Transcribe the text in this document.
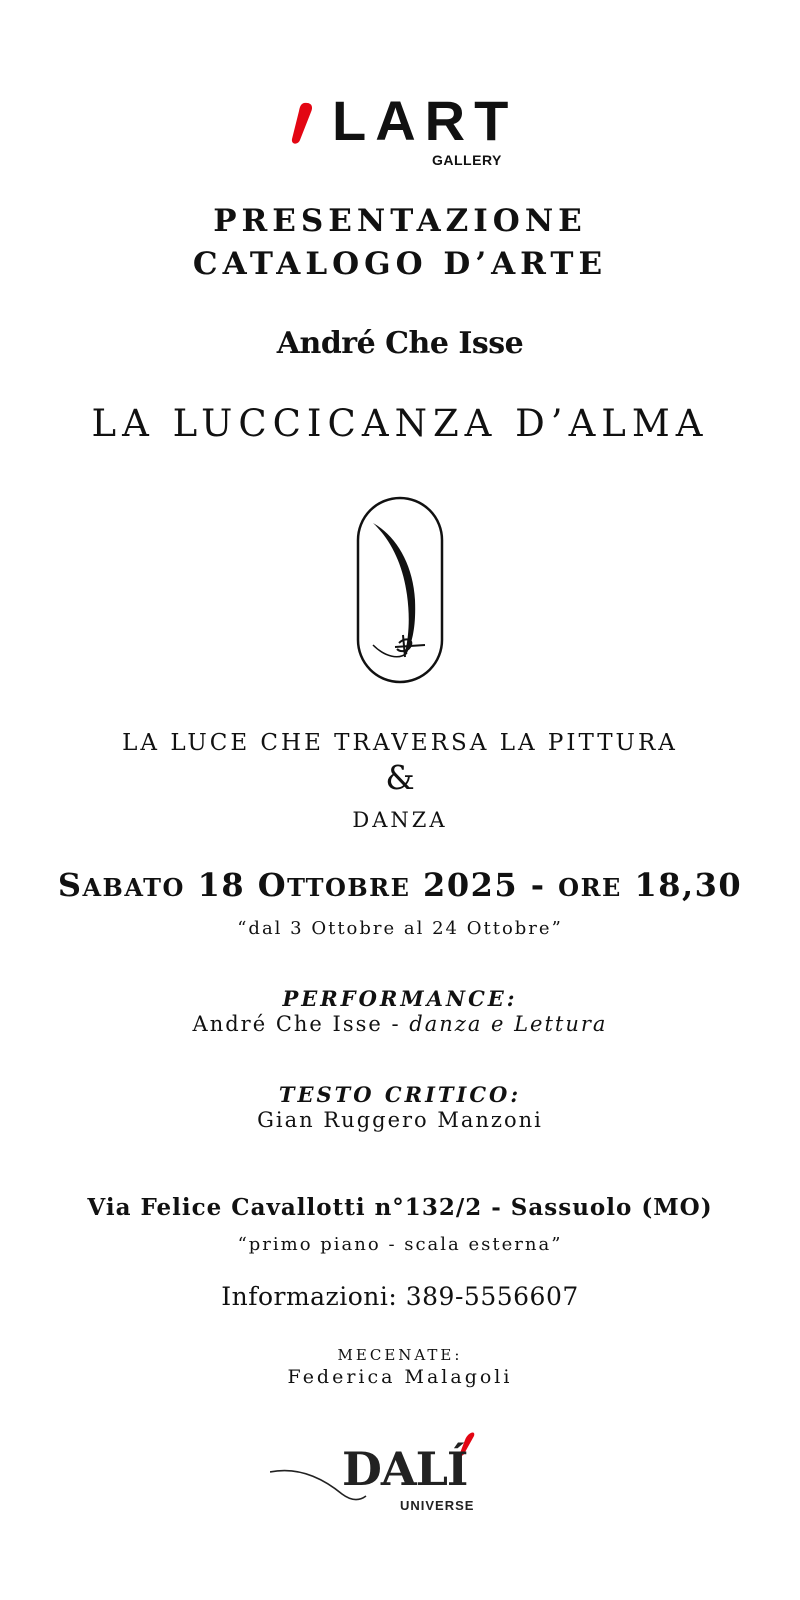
LART
GALLERY
PRESENTAZIONE
CATALOGO D’ARTE
André Che Isse
LA LUCCICANZA D’ALMA
LA LUCE CHE TRAVERSA LA PITTURA
&
DANZA
SABATO 18 OTTOBRE 2025 - ORE 18,30
“dal 3 Ottobre al 24 Ottobre”
PERFORMANCE:
André Che Isse - danza e Lettura
TESTO CRITICO:
Gian Ruggero Manzoni
Via Felice Cavallotti n°132/2 - Sassuolo (MO)
“primo piano - scala esterna”
Informazioni: 389-5556607
MECENATE:
Federica Malagoli
DALÍ
UNIVERSE
